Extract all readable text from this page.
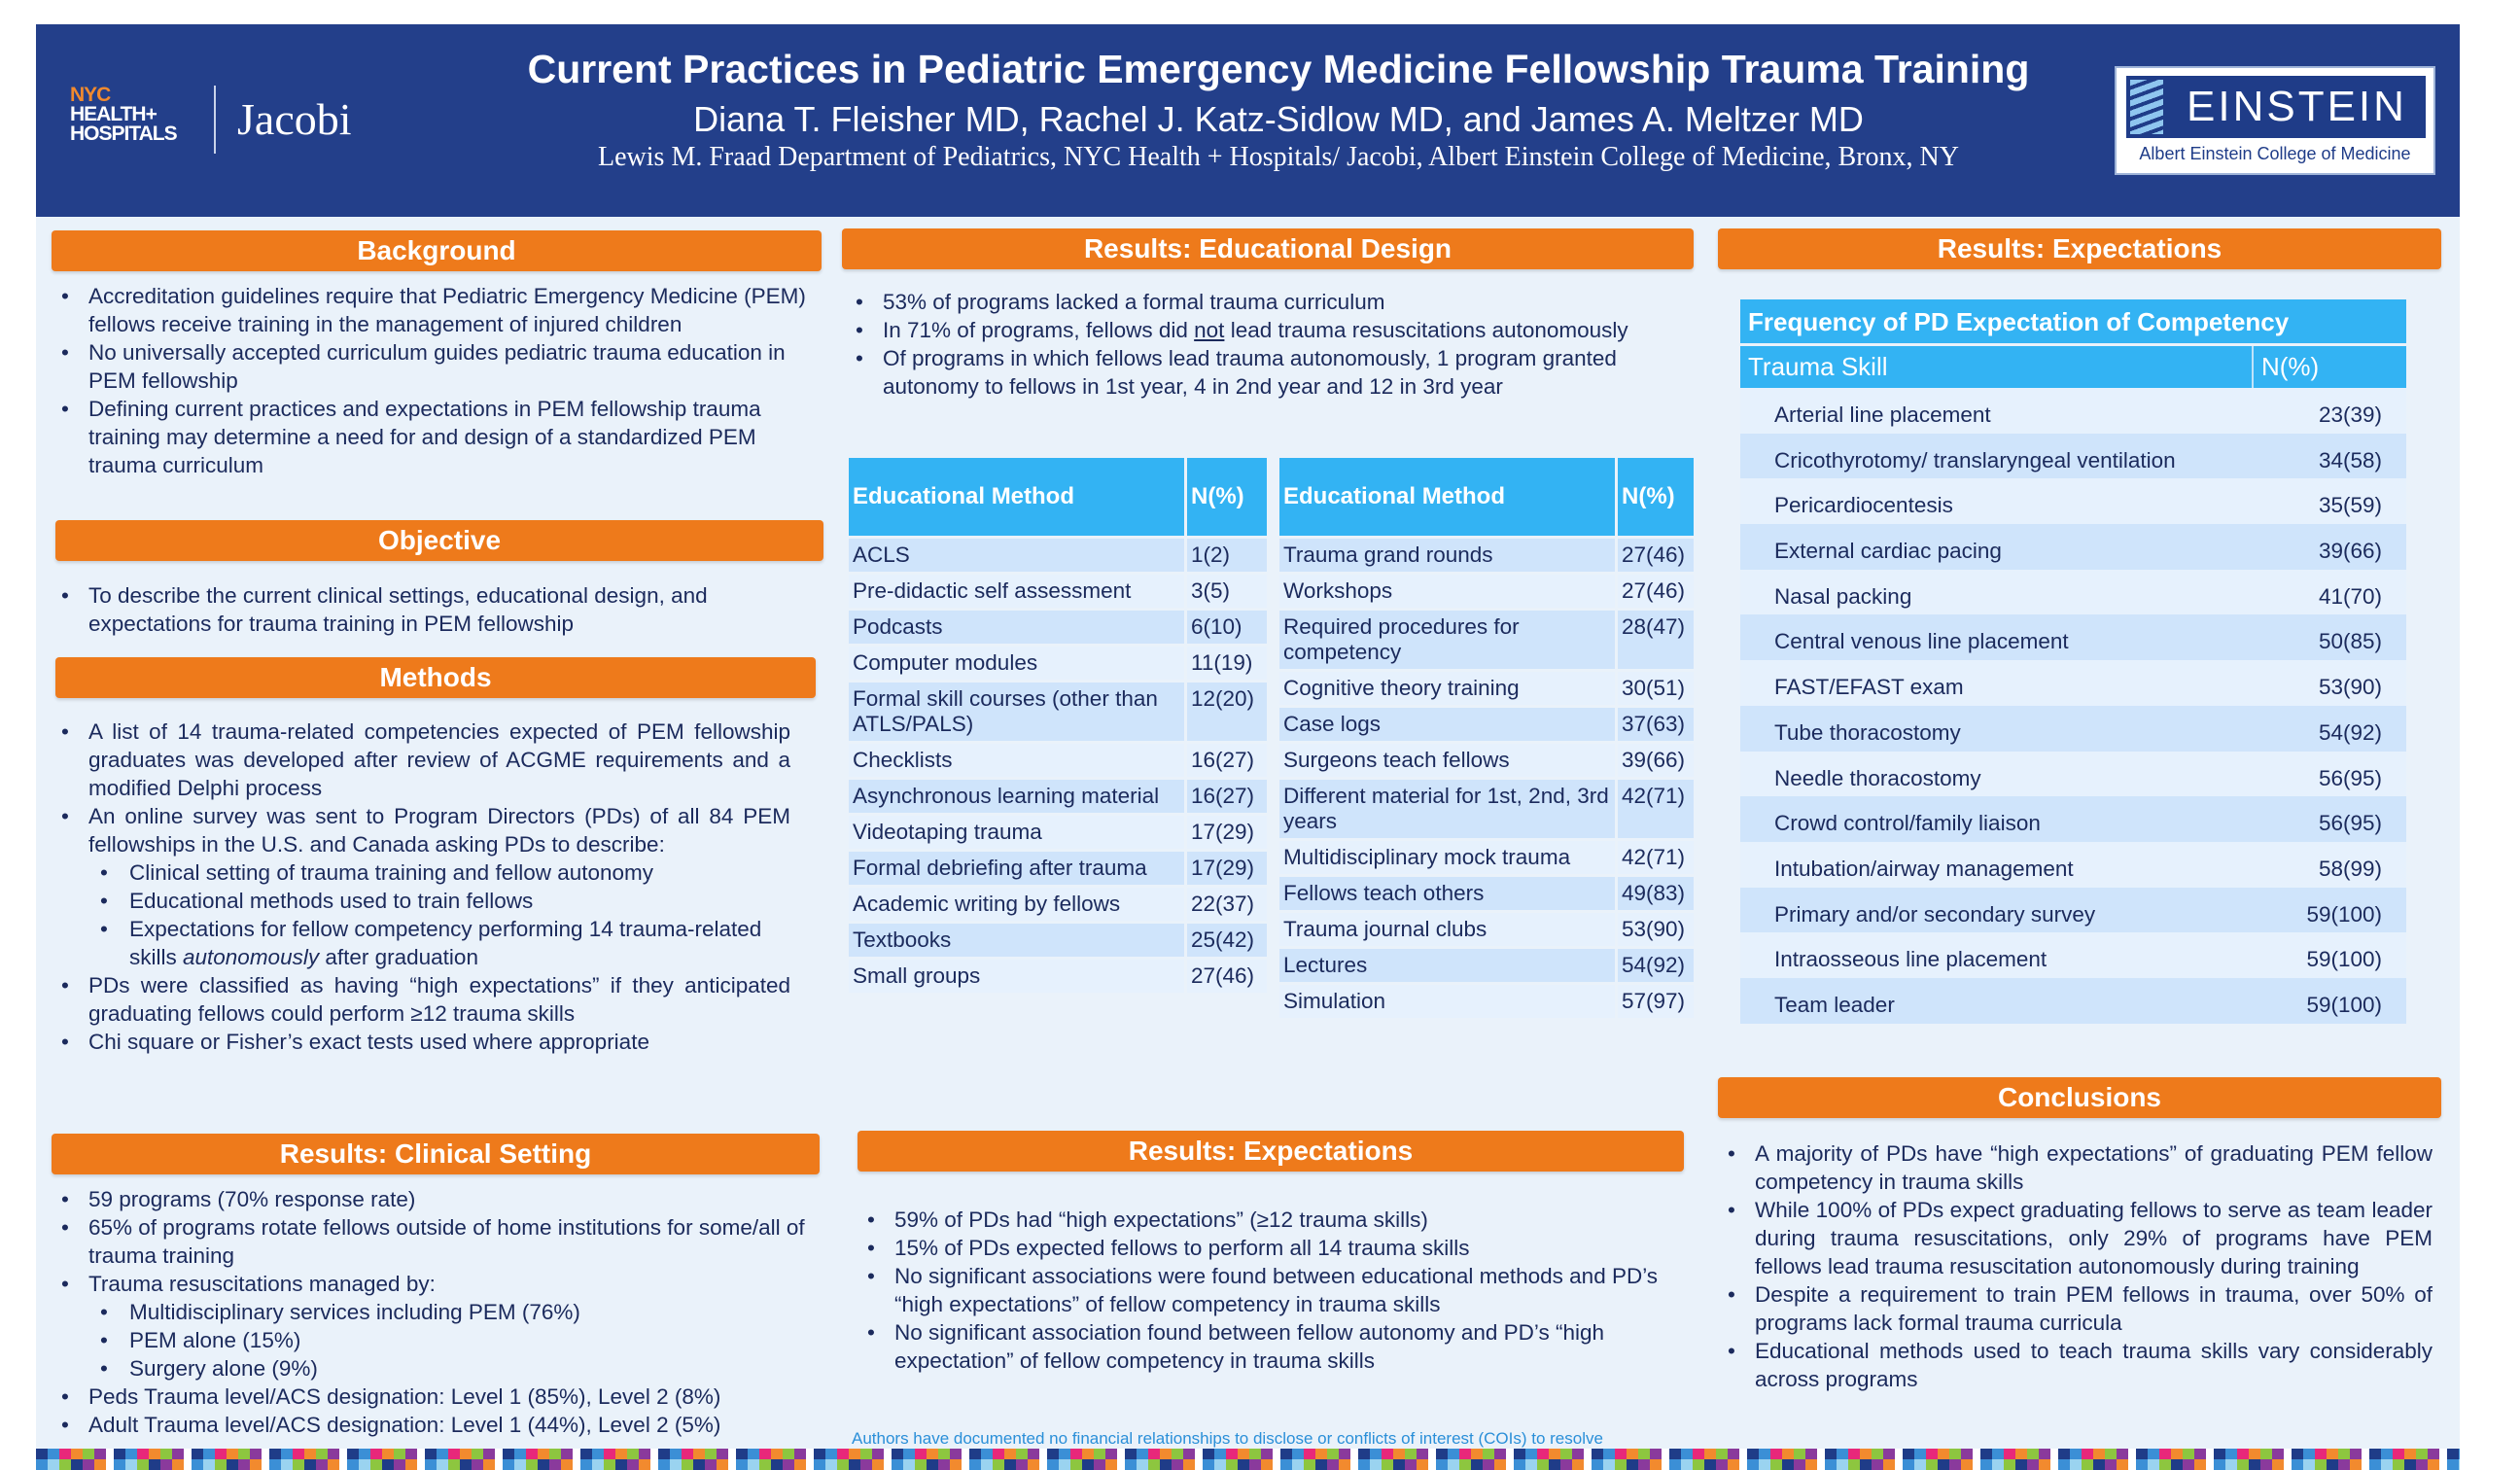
NYC
HEALTH+
HOSPITALS Jacobi
Current Practices in Pediatric Emergency Medicine Fellowship Trauma Training
Diana T. Fleisher MD, Rachel J. Katz-Sidlow MD, and James A. Meltzer MD
Lewis M. Fraad Department of Pediatrics, NYC Health + Hospitals/ Jacobi, Albert Einstein College of Medicine, Bronx, NY
EINSTEIN
Albert Einstein College of Medicine
Background
• Accreditation guidelines require that Pediatric Emergency Medicine (PEM) fellows receive training in the management of injured children
• No universally accepted curriculum guides pediatric trauma education in PEM fellowship
• Defining current practices and expectations in PEM fellowship trauma training may determine a need for and design of a standardized PEM trauma curriculum
Objective
• To describe the current clinical settings, educational design, and expectations for trauma training in PEM fellowship
Methods
• A list of 14 trauma-related competencies expected of PEM fellowship graduates was developed after review of ACGME requirements and a modified Delphi process
• An online survey was sent to Program Directors (PDs) of all 84 PEM fellowships in the U.S. and Canada asking PDs to describe:
• Clinical setting of trauma training and fellow autonomy
• Educational methods used to train fellows
• Expectations for fellow competency performing 14 trauma-related skills autonomously after graduation
• PDs were classified as having “high expectations” if they anticipated graduating fellows could perform ≥12 trauma skills
• Chi square or Fisher’s exact tests used where appropriate
Results: Clinical Setting
• 59 programs (70% response rate)
• 65% of programs rotate fellows outside of home institutions for some/all of trauma training
• Trauma resuscitations managed by:
• Multidisciplinary services including PEM (76%)
• PEM alone (15%)
• Surgery alone (9%)
• Peds Trauma level/ACS designation: Level 1 (85%), Level 2 (8%)
• Adult Trauma level/ACS designation: Level 1 (44%), Level 2 (5%)
Results: Educational Design
• 53% of programs lacked a formal trauma curriculum
• In 71% of programs, fellows did not lead trauma resuscitations autonomously
• Of programs in which fellows lead trauma autonomously, 1 program granted autonomy to fellows in 1st year, 4 in 2nd year and 12 in 3rd year
Educational Method	N(%)
ACLS	1(2)
Pre-didactic self assessment	3(5)
Podcasts	6(10)
Computer modules	11(19)
Formal skill courses (other than ATLS/PALS)	12(20)
Checklists	16(27)
Asynchronous learning material	16(27)
Videotaping trauma	17(29)
Formal debriefing after trauma	17(29)
Academic writing by fellows	22(37)
Textbooks	25(42)
Small groups	27(46)
Educational Method	N(%)
Trauma grand rounds	27(46)
Workshops	27(46)
Required procedures for competency	28(47)
Cognitive theory training	30(51)
Case logs	37(63)
Surgeons teach fellows	39(66)
Different material for 1st, 2nd, 3rd years	42(71)
Multidisciplinary mock trauma	42(71)
Fellows teach others	49(83)
Trauma journal clubs	53(90)
Lectures	54(92)
Simulation	57(97)
Results: Expectations
• 59% of PDs had “high expectations” (≥12 trauma skills)
• 15% of PDs expected fellows to perform all 14 trauma skills
• No significant associations were found between educational methods and PD’s “high expectations” of fellow competency in trauma skills
• No significant association found between fellow autonomy and PD’s “high expectation” of fellow competency in trauma skills
Authors have documented no financial relationships to disclose or conflicts of interest (COIs) to resolve
Results: Expectations
Frequency of PD Expectation of Competency
Trauma Skill	N(%)
Arterial line placement	23(39)
Cricothyrotomy/ translaryngeal ventilation	34(58)
Pericardiocentesis	35(59)
External cardiac pacing	39(66)
Nasal packing	41(70)
Central venous line placement	50(85)
FAST/EFAST exam	53(90)
Tube thoracostomy	54(92)
Needle thoracostomy	56(95)
Crowd control/family liaison	56(95)
Intubation/airway management	58(99)
Primary and/or secondary survey	59(100)
Intraosseous line placement	59(100)
Team leader	59(100)
Conclusions
• A majority of PDs have “high expectations” of graduating PEM fellow competency in trauma skills
• While 100% of PDs expect graduating fellows to serve as team leader during trauma resuscitations, only 29% of programs have PEM fellows lead trauma resuscitation autonomously during training
• Despite a requirement to train PEM fellows in trauma, over 50% of programs lack formal trauma curricula
• Educational methods used to teach trauma skills vary considerably across programs
